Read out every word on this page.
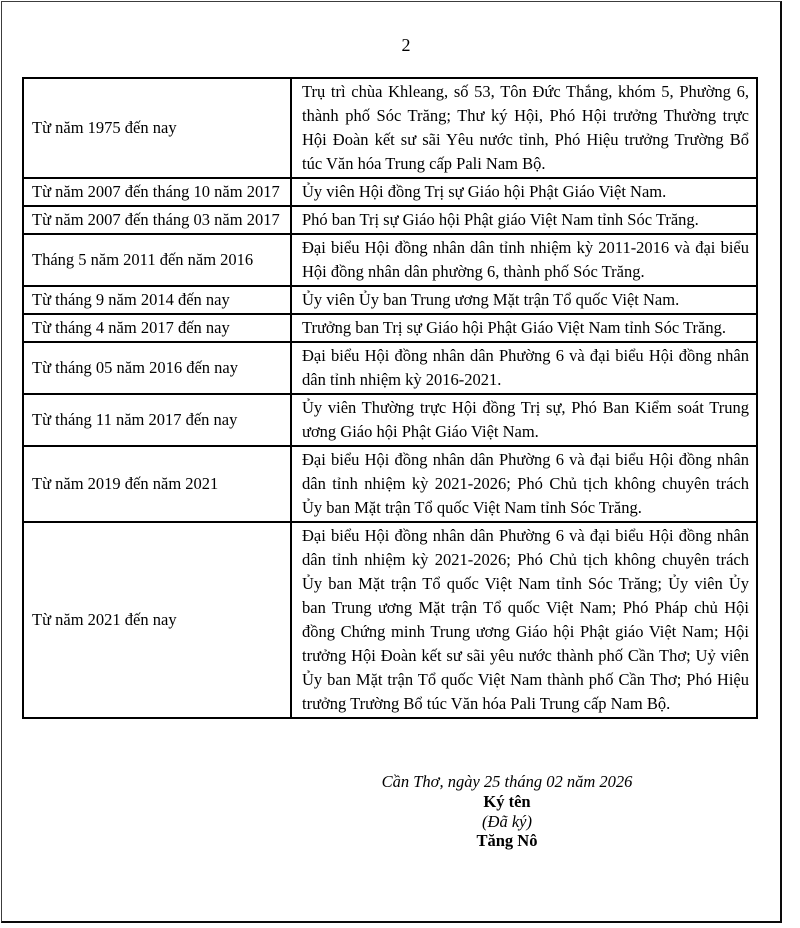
2
Từ năm 1975 đến nay	Trụ trì chùa Khleang, số 53, Tôn Đức Thắng, khóm 5, Phường 6, thành phố Sóc Trăng; Thư ký Hội, Phó Hội trưởng Thường trực Hội Đoàn kết sư sãi Yêu nước tỉnh, Phó Hiệu trưởng Trường Bổ túc Văn hóa Trung cấp Pali Nam Bộ.
Từ năm 2007 đến tháng 10 năm 2017	Ủy viên Hội đồng Trị sự Giáo hội Phật Giáo Việt Nam.
Từ năm 2007 đến tháng 03 năm 2017	Phó ban Trị sự Giáo hội Phật giáo Việt Nam tỉnh Sóc Trăng.
Tháng 5 năm 2011 đến năm 2016	Đại biểu Hội đồng nhân dân tỉnh nhiệm kỳ 2011-2016 và đại biểu Hội đồng nhân dân phường 6, thành phố Sóc Trăng.
Từ tháng 9 năm 2014 đến nay	Ủy viên Ủy ban Trung ương Mặt trận Tổ quốc Việt Nam.
Từ tháng 4 năm 2017 đến nay	Trưởng ban Trị sự Giáo hội Phật Giáo Việt Nam tỉnh Sóc Trăng.
Từ tháng 05 năm 2016 đến nay	Đại biểu Hội đồng nhân dân Phường 6 và đại biểu Hội đồng nhân dân tỉnh nhiệm kỳ 2016-2021.
Từ tháng 11 năm 2017 đến nay	Ủy viên Thường trực Hội đồng Trị sự, Phó Ban Kiểm soát Trung ương Giáo hội Phật Giáo Việt Nam.
Từ năm 2019 đến năm 2021	Đại biểu Hội đồng nhân dân Phường 6 và đại biểu Hội đồng nhân dân tỉnh nhiệm kỳ 2021-2026; Phó Chủ tịch không chuyên trách Ủy ban Mặt trận Tổ quốc Việt Nam tỉnh Sóc Trăng.
Từ năm 2021 đến nay	Đại biểu Hội đồng nhân dân Phường 6 và đại biểu Hội đồng nhân dân tỉnh nhiệm kỳ 2021-2026; Phó Chủ tịch không chuyên trách Ủy ban Mặt trận Tổ quốc Việt Nam tỉnh Sóc Trăng; Ủy viên Ủy ban Trung ương Mặt trận Tổ quốc Việt Nam; Phó Pháp chủ Hội đồng Chứng minh Trung ương Giáo hội Phật giáo Việt Nam; Hội trưởng Hội Đoàn kết sư sãi yêu nước thành phố Cần Thơ; Uỷ viên Ủy ban Mặt trận Tổ quốc Việt Nam thành phố Cần Thơ; Phó Hiệu trưởng Trường Bổ túc Văn hóa Pali Trung cấp Nam Bộ.
Cần Thơ, ngày 25 tháng 02 năm 2026
Ký tên
(Đã ký)
Tăng Nô
